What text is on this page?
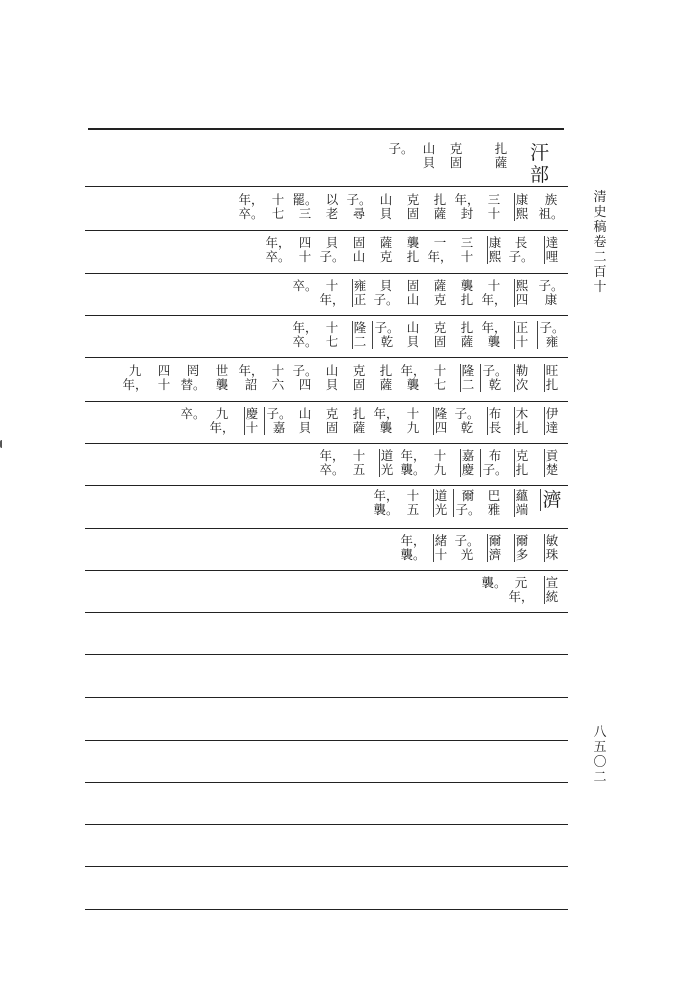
汗部
扎
薩
克
固
山
貝
子。
族
祖。
康
熙
三
十
年，
封
扎
薩
克
固
山
貝
子。
尋
以
老
罷。
三
十
七
年，
卒。
達
哩
長
子。
康
熙
三
十
一
年，
襲
扎
薩
克
固
山
貝
子。
四
十
年，
卒。
子。
康
熙
四
十
年，
襲
扎
薩
克
固
山
貝
子。
雍
正
十
年，
卒。
子。
雍
正
十
年，
襲
扎
薩
克
固
山
貝
子。
乾
隆
二
十
七
年，
卒。
旺
扎
勒
次
子。
乾
隆
二
十
七
年，
襲
扎
薩
克
固
山
貝
子。
四
十
六
年，
詔
世
襲
罔
替。
四
十
九
年，
伊
達
木
扎
布
長
子。
乾
隆
四
十
九
年，
襲
扎
薩
克
固
山
貝
子。
嘉
慶
十
九
年，
卒。
貢
楚
克
扎
布
子。
嘉
慶
十
九
年，
襲。
道
光
十
五
年，
卒。
濟
蘊
端
巴
雅
爾
子。
道
光
十
五
年，
襲。
敏
珠
爾
多
爾
濟
子。
光
緒
十
年，
襲。
宣
統
元
年，
襲。
清
史
稿
卷
二
百
十
八
五
〇
二
